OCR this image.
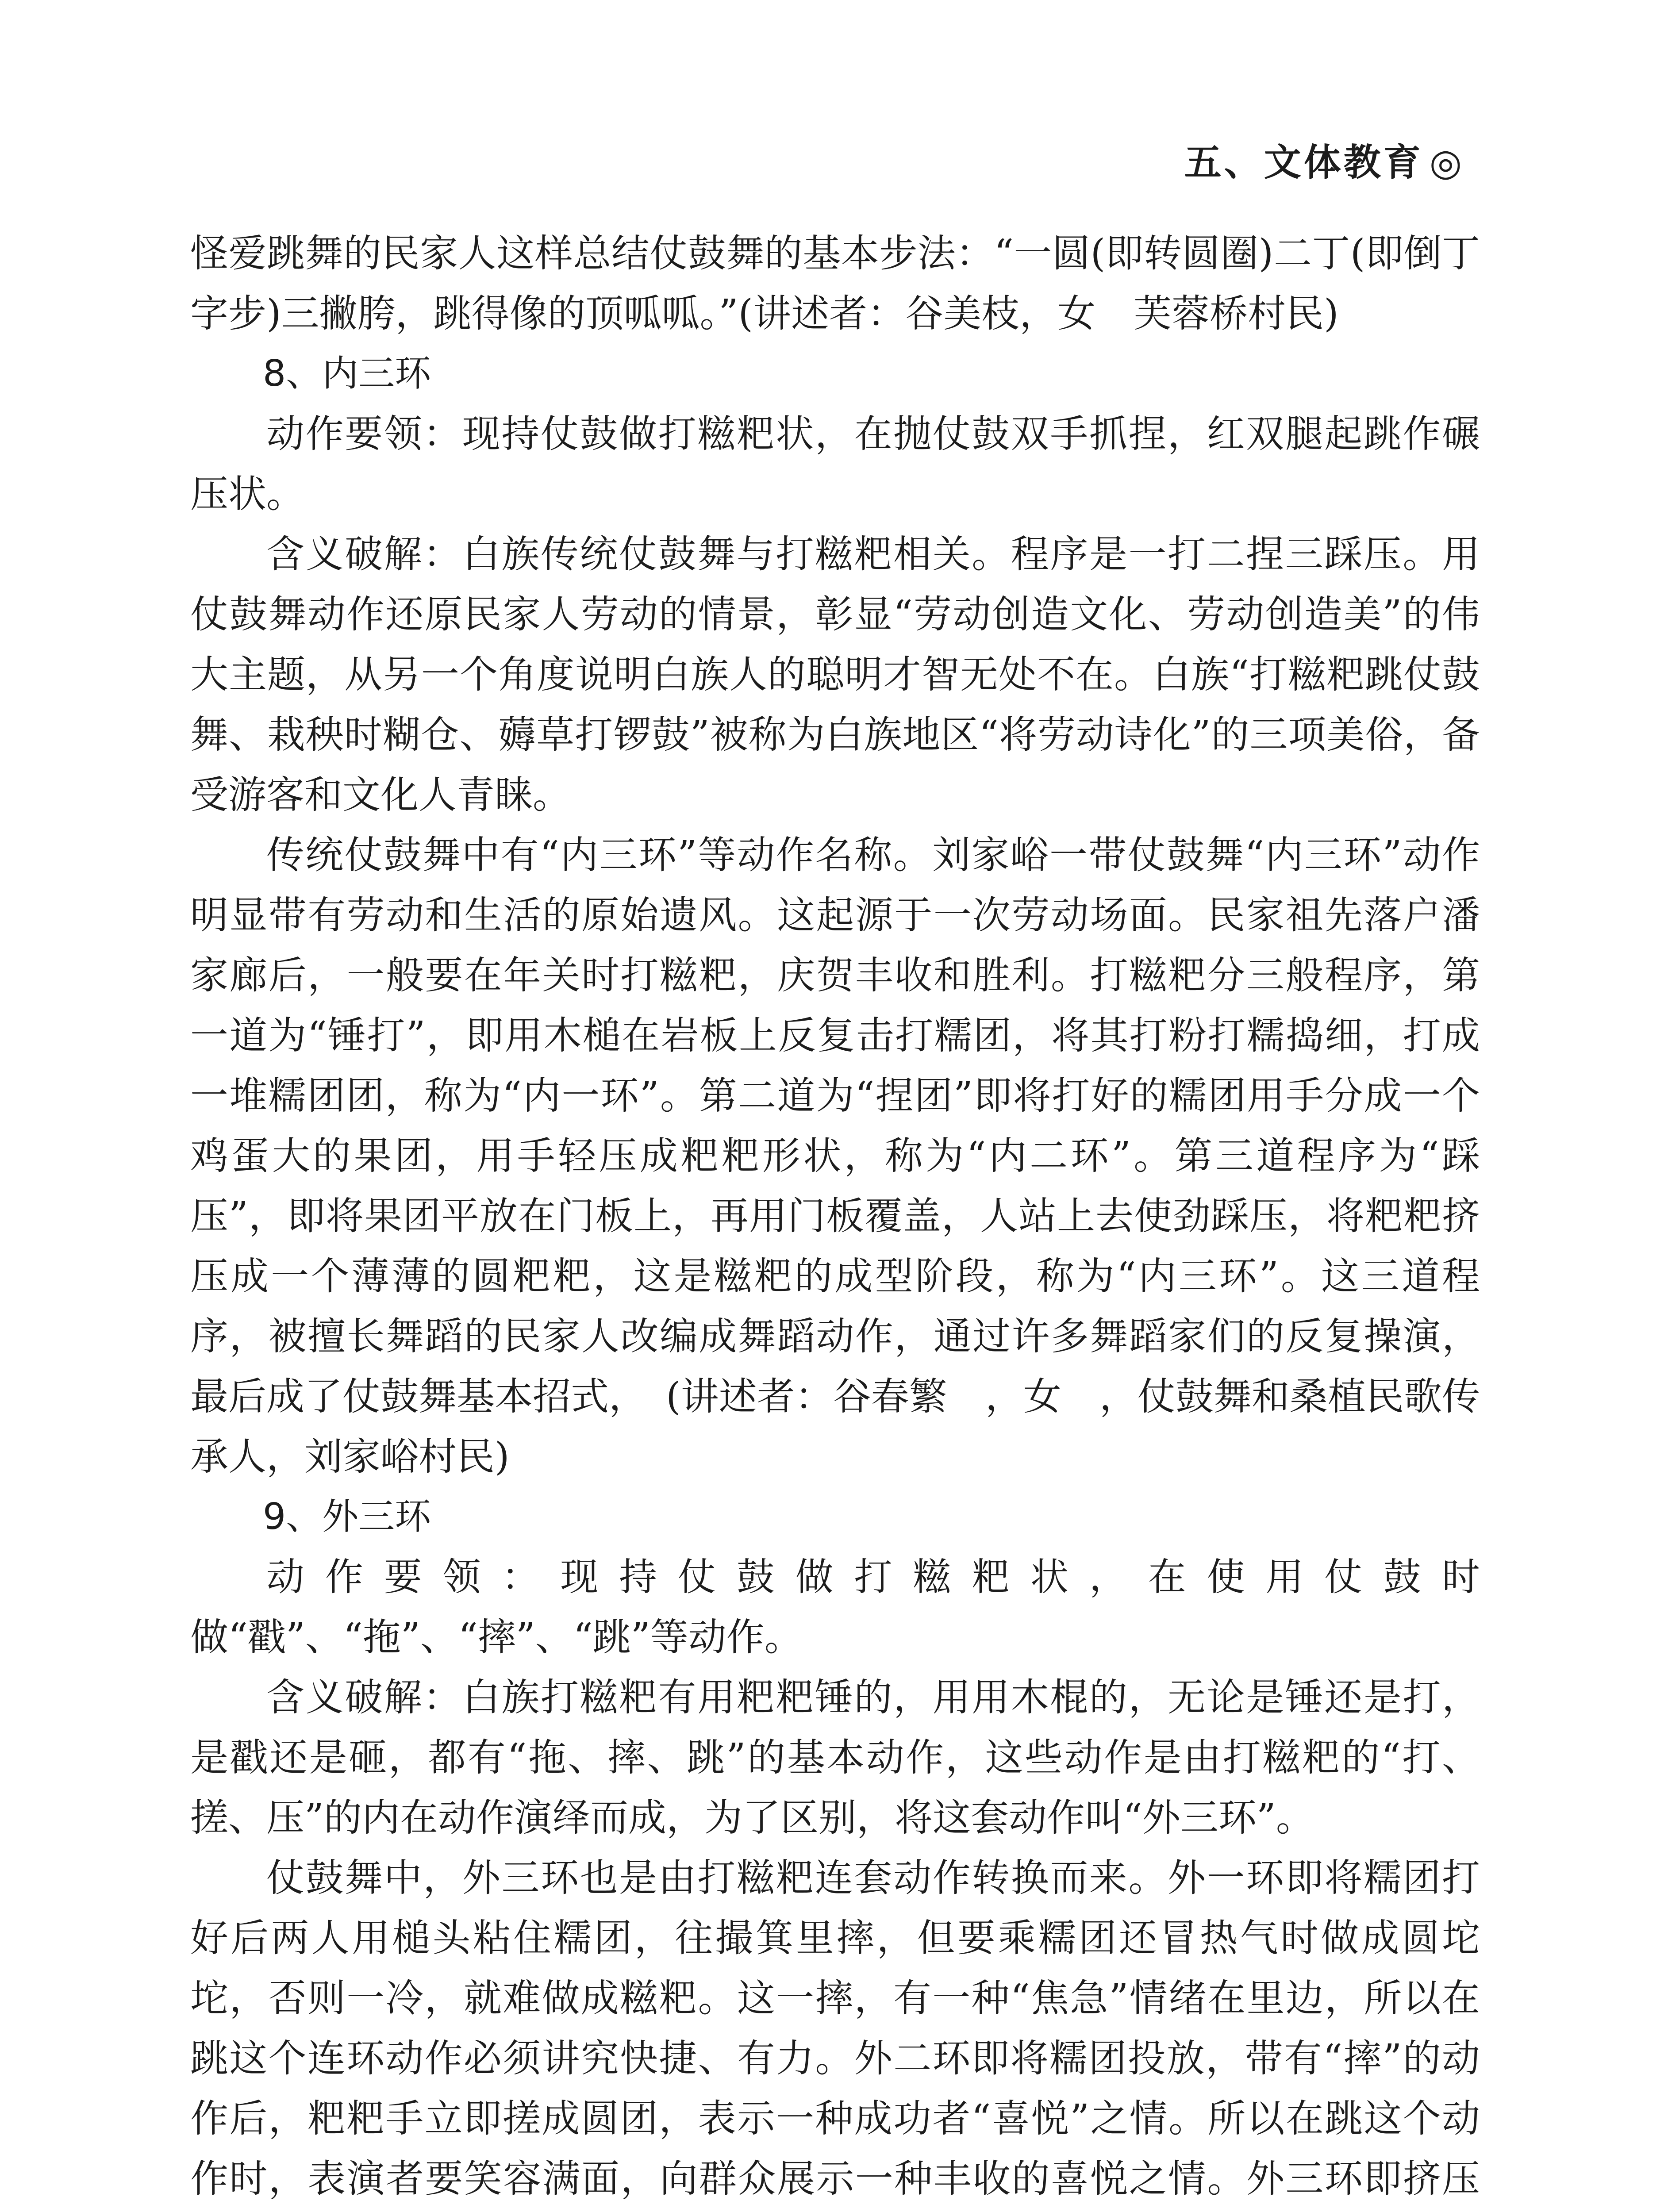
五、文体教育 ◎

怪爱跳舞的民家人这样总结仗鼓舞的基本步法：“一圆(即转圆圈)二丁(即倒丁字步)三撇胯，跳得像的顶呱呱。”(讲述者：谷美枝，女　芙蓉桥村民)

8、内三环

动作要领：现持仗鼓做打糍粑状，在抛仗鼓双手抓捏，红双腿起跳作碾压状。

含义破解：白族传统仗鼓舞与打糍粑相关。程序是一打二捏三踩压。用仗鼓舞动作还原民家人劳动的情景，彰显“劳动创造文化、劳动创造美”的伟大主题，从另一个角度说明白族人的聪明才智无处不在。白族“打糍粑跳仗鼓舞、栽秧时糊仓、薅草打锣鼓”被称为白族地区“将劳动诗化”的三项美俗，备受游客和文化人青睐。

传统仗鼓舞中有“内三环”等动作名称。刘家峪一带仗鼓舞“内三环”动作明显带有劳动和生活的原始遗风。这起源于一次劳动场面。民家祖先落户潘家廊后，一般要在年关时打糍粑，庆贺丰收和胜利。打糍粑分三般程序，第一道为“锤打”，即用木槌在岩板上反复击打糯团，将其打粉打糯捣细，打成一堆糯团团，称为“内一环”。第二道为“捏团”即将打好的糯团用手分成一个鸡蛋大的果团，用手轻压成粑粑形状，称为“内二环”。第三道程序为“踩压”，即将果团平放在门板上，再用门板覆盖，人站上去使劲踩压，将粑粑挤压成一个薄薄的圆粑粑，这是糍粑的成型阶段，称为“内三环”。这三道程序，被擅长舞蹈的民家人改编成舞蹈动作，通过许多舞蹈家们的反复操演，最后成了仗鼓舞基本招式，　(讲述者：谷春繁　，女　，仗鼓舞和桑植民歌传承人，刘家峪村民)

9、外三环

动作要领：现持仗鼓做打糍粑状，在使用仗鼓时做“戳”、“拖”、“摔”、“跳”等动作。

含义破解：白族打糍粑有用粑粑锤的，用用木棍的，无论是锤还是打，是戳还是砸，都有“拖、摔、跳”的基本动作，这些动作是由打糍粑的“打、搓、压”的内在动作演绎而成，为了区别，将这套动作叫“外三环”。

仗鼓舞中，外三环也是由打糍粑连套动作转换而来。外一环即将糯团打好后两人用槌头粘住糯团，往撮箕里摔，但要乘糯团还冒热气时做成圆坨坨，否则一冷，就难做成糍粑。这一摔，有一种“焦急”情绪在里边，所以在跳这个连环动作必须讲究快捷、有力。外二环即将糯团投放，带有“摔”的动作后，粑粑手立即搓成圆团，表示一种成功者“喜悦”之情。所以在跳这个动作时，表演者要笑容满面，向群众展示一种丰收的喜悦之情。外三环即挤压
